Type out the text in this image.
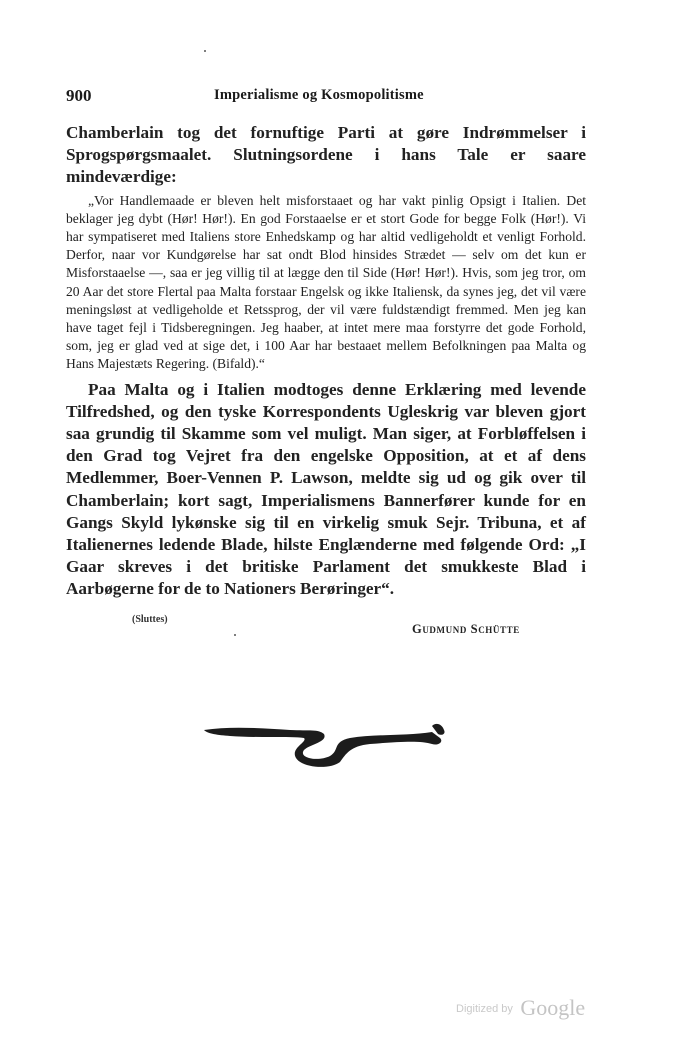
900	Imperialisme og Kosmopolitisme

Chamberlain tog det fornuftige Parti at gøre Indrømmelser i Sprogspørgsmaalet. Slutningsordene i hans Tale er saare mindeværdige:

„Vor Handlemaade er bleven helt misforstaaet og har vakt pinlig Opsigt i Italien. Det beklager jeg dybt (Hør! Hør!). En god Forstaaelse er et stort Gode for begge Folk (Hør!). Vi har sympatiseret med Italiens store Enhedskamp og har altid vedligeholdt et venligt Forhold. Derfor, naar vor Kundgørelse har sat ondt Blod hinsides Strædet — selv om det kun er Misforstaaelse —, saa er jeg villig til at lægge den til Side (Hør! Hør!). Hvis, som jeg tror, om 20 Aar det store Flertal paa Malta forstaar Engelsk og ikke Italiensk, da synes jeg, det vil være meningsløst at vedligeholde et Retssprog, der vil være fuldstændigt fremmed. Men jeg kan have taget fejl i Tidsberegningen. Jeg haaber, at intet mere maa forstyrre det gode Forhold, som, jeg er glad ved at sige det, i 100 Aar har bestaaet mellem Befolkningen paa Malta og Hans Majestæts Regering. (Bifald).“

Paa Malta og i Italien modtoges denne Erklæring med levende Tilfredshed, og den tyske Korrespondents Ugleskrig var bleven gjort saa grundig til Skamme som vel muligt. Man siger, at Forbløffelsen i den Grad tog Vejret fra den engelske Opposition, at et af dens Medlemmer, Boer-Vennen P. Lawson, meldte sig ud og gik over til Chamberlain; kort sagt, Imperialismens Bannerfører kunde for en Gangs Skyld lykønske sig til en virkelig smuk Sejr. Tribuna, et af Italienernes ledende Blade, hilste Englænderne med følgende Ord: „I Gaar skreves i det britiske Parlament det smukkeste Blad i Aarbøgerne for de to Nationers Berøringer“.

(Sluttes)
Gudmund Schütte
Digitized by Google
